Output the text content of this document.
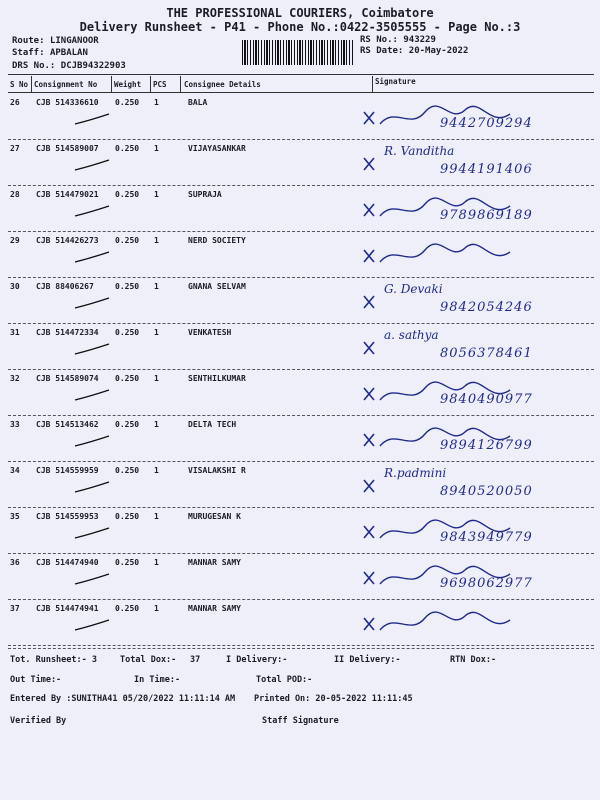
THE PROFESSIONAL COURIERS, Coimbatore
Delivery Runsheet - P41 - Phone No.:0422-3505555 - Page No.:3
Route: LINGANOOR
Staff: APBALAN
DRS No.: DCJB94322903
RS No.: 943229
RS Date: 20-May-2022
S No Consignment No Weight PCS Consignee Details	Signature
26 CJB 514336610 0.250 1	BALA
9442709294
27 CJB 514589007 0.250 1	VIJAYASANKAR	R. Vanditha
9944191406
28 CJB 514479021 0.250 1	SUPRAJA
9789869189
29 CJB 514426273 0.250 1	NERD SOCIETY
30 CJB 88406267	0.250 1	GNANA SELVAM	G. Devaki
9842054246
31 CJB 514472334 0.250 1	VENKATESH	a. sathya
8056378461
32 CJB 514589074 0.250 1	SENTHILKUMAR
9840490977
33 CJB 514513462 0.250 1	DELTA TECH
9894126799
34 CJB 514559959 0.250 1	VISALAKSHI R	R.padmini
8940520050
35 CJB 514559953 0.250 1	MURUGESAN K
9843949779
36 CJB 514474940 0.250 1	MANNAR SAMY
9698062977
37 CJB 514474941 0.250 1	MANNAR SAMY
Tot. Runsheet:- 3	Total Dox:- 37	I Delivery:-	II Delivery:-	RTN Dox:-
Out Time:-	In Time:-	Total POD:-
Entered By :SUNITHA41 05/20/2022 11:11:14 AM Printed On: 20-05-2022 11:11:45
Verified By	Staff Signature
